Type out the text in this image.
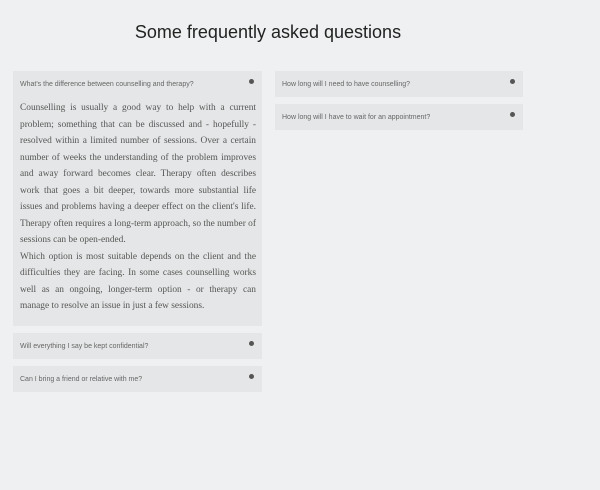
Some frequently asked questions
What's the difference between counselling and therapy?

Counselling is usually a good way to help with a current problem; something that can be discussed and - hopefully - resolved within a limited number of sessions. Over a certain number of weeks the understanding of the problem improves and away forward becomes clear. Therapy often describes work that goes a bit deeper, towards more substantial life issues and problems having a deeper effect on the client's life. Therapy often requires a long-term approach, so the number of sessions can be open-ended.

Which option is most suitable depends on the client and the difficulties they are facing. In some cases counselling works well as an ongoing, longer-term option - or therapy can manage to resolve an issue in just a few sessions.

Will everything I say be kept confidential?
Can I bring a friend or relative with me?
How long will I need to have counselling?
How long will I have to wait for an appointment?
